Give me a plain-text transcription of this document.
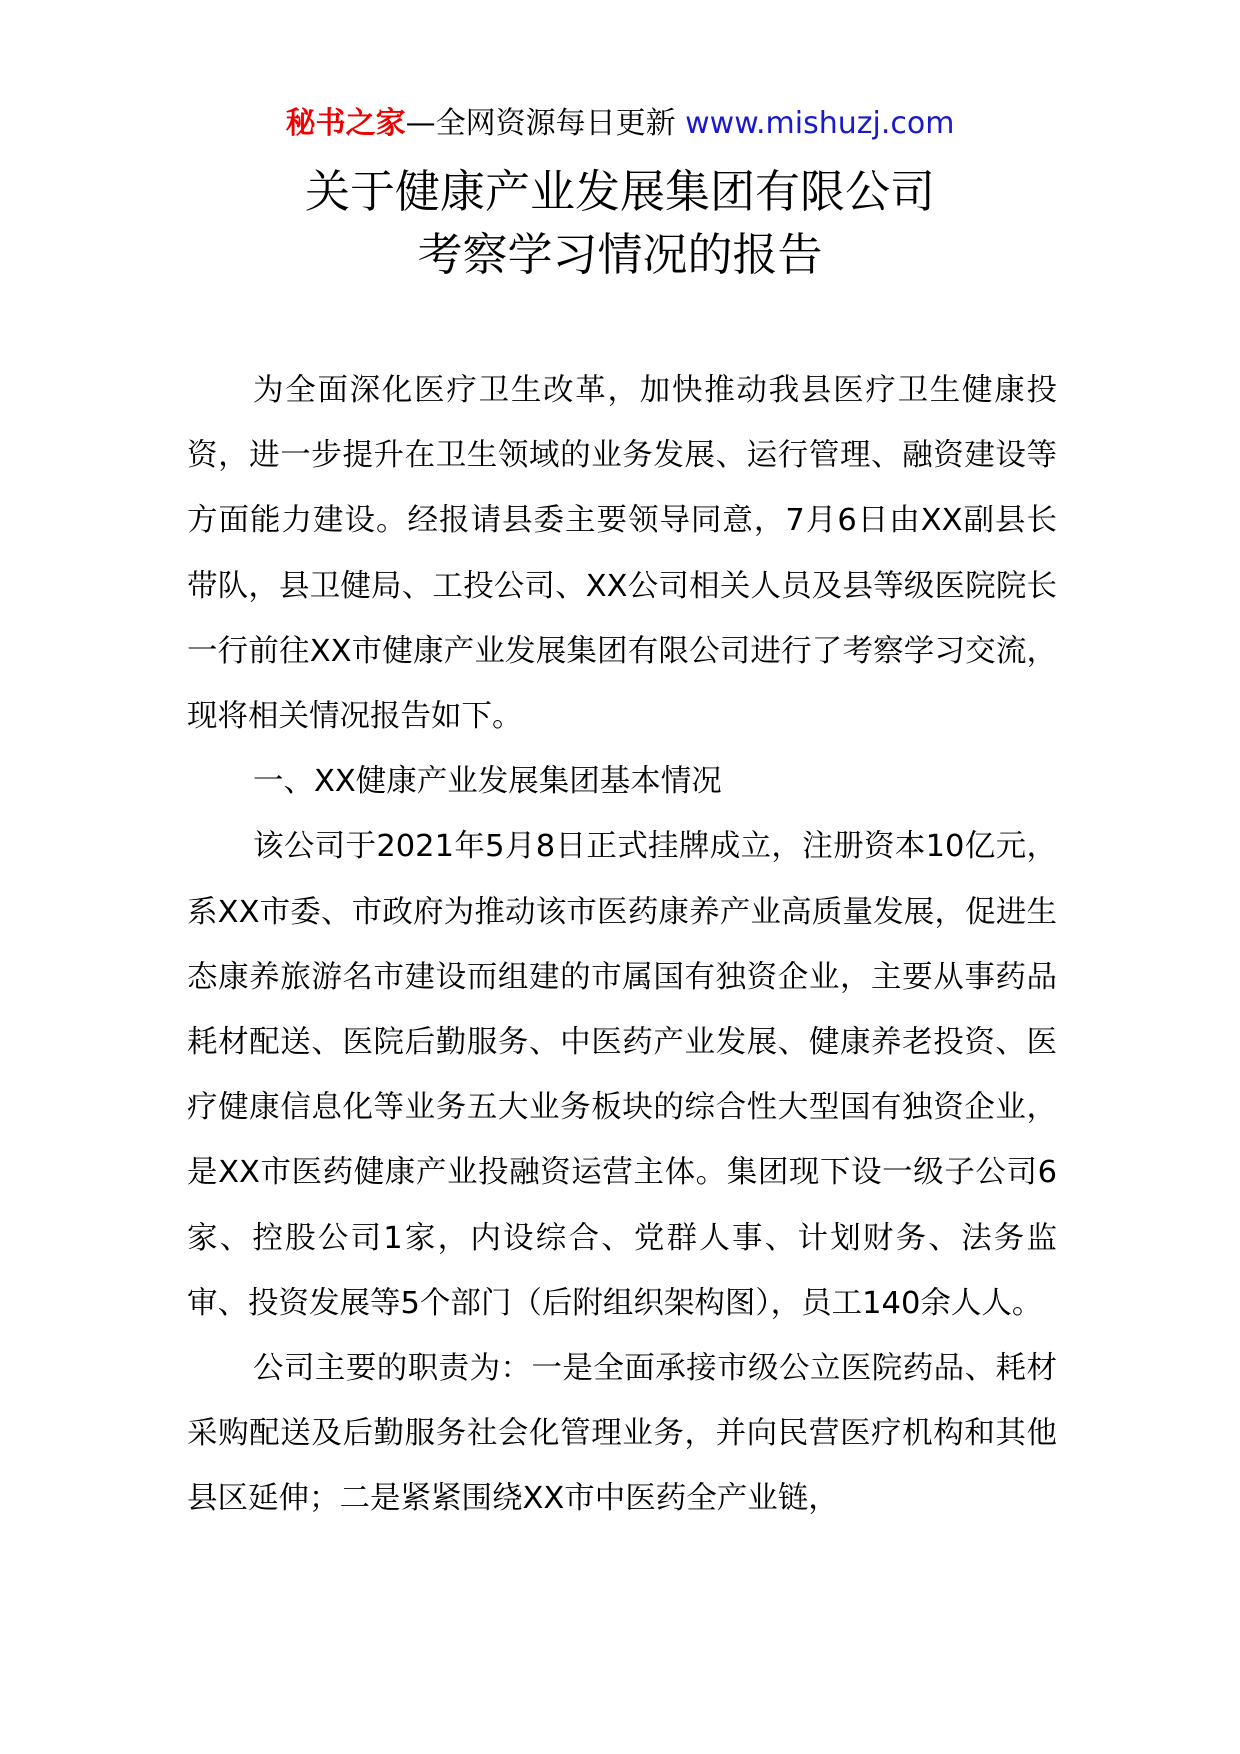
秘书之家—全网资源每日更新 www.mishuzj.com
关于健康产业发展集团有限公司
考察学习情况的报告

为全面深化医疗卫生改革，加快推动我县医疗卫生健康投资，进一步提升在卫生领域的业务发展、运行管理、融资建设等方面能力建设。经报请县委主要领导同意，7月6日由XX副县长带队，县卫健局、工投公司、XX公司相关人员及县等级医院院长一行前往XX市健康产业发展集团有限公司进行了考察学习交流，现将相关情况报告如下。

一、XX健康产业发展集团基本情况

该公司于2021年5月8日正式挂牌成立，注册资本10亿元，系XX市委、市政府为推动该市医药康养产业高质量发展，促进生态康养旅游名市建设而组建的市属国有独资企业，主要从事药品耗材配送、医院后勤服务、中医药产业发展、健康养老投资、医疗健康信息化等业务五大业务板块的综合性大型国有独资企业，是XX市医药健康产业投融资运营主体。集团现下设一级子公司6家、控股公司1家，内设综合、党群人事、计划财务、法务监审、投资发展等5个部门（后附组织架构图），员工140余人人。

公司主要的职责为：一是全面承接市级公立医院药品、耗材采购配送及后勤服务社会化管理业务，并向民营医疗机构和其他县区延伸；二是紧紧围绕XX市中医药全产业链，
